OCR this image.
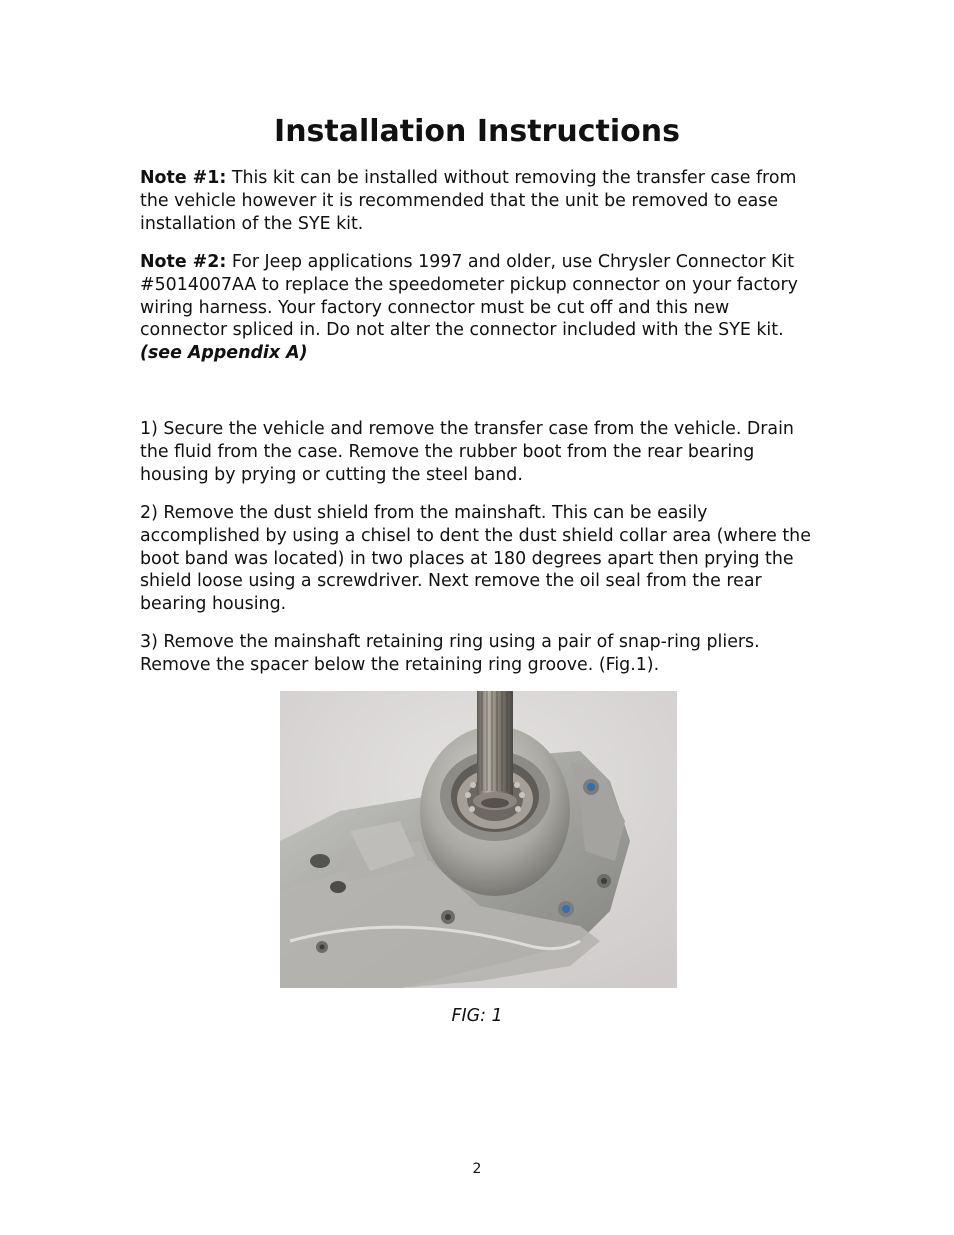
Installation Instructions

Note #1: This kit can be installed without removing the transfer case from the vehicle however it is recommended that the unit be removed to ease installation of the SYE kit.

Note #2: For Jeep applications 1997 and older, use Chrysler Connector Kit #5014007AA to replace the speedometer pickup connector on your factory wiring harness. Your factory connector must be cut off and this new connector spliced in. Do not alter the connector included with the SYE kit. (see Appendix A)

1) Secure the vehicle and remove the transfer case from the vehicle. Drain the fluid from the case. Remove the rubber boot from the rear bearing housing by prying or cutting the steel band.

2) Remove the dust shield from the mainshaft. This can be easily accomplished by using a chisel to dent the dust shield collar area (where the boot band was located) in two places at 180 degrees apart then prying the shield loose using a screwdriver. Next remove the oil seal from the rear bearing housing.

3) Remove the mainshaft retaining ring using a pair of snap-ring pliers. Remove the spacer below the retaining ring groove. (Fig.1).

FIG: 1

2
